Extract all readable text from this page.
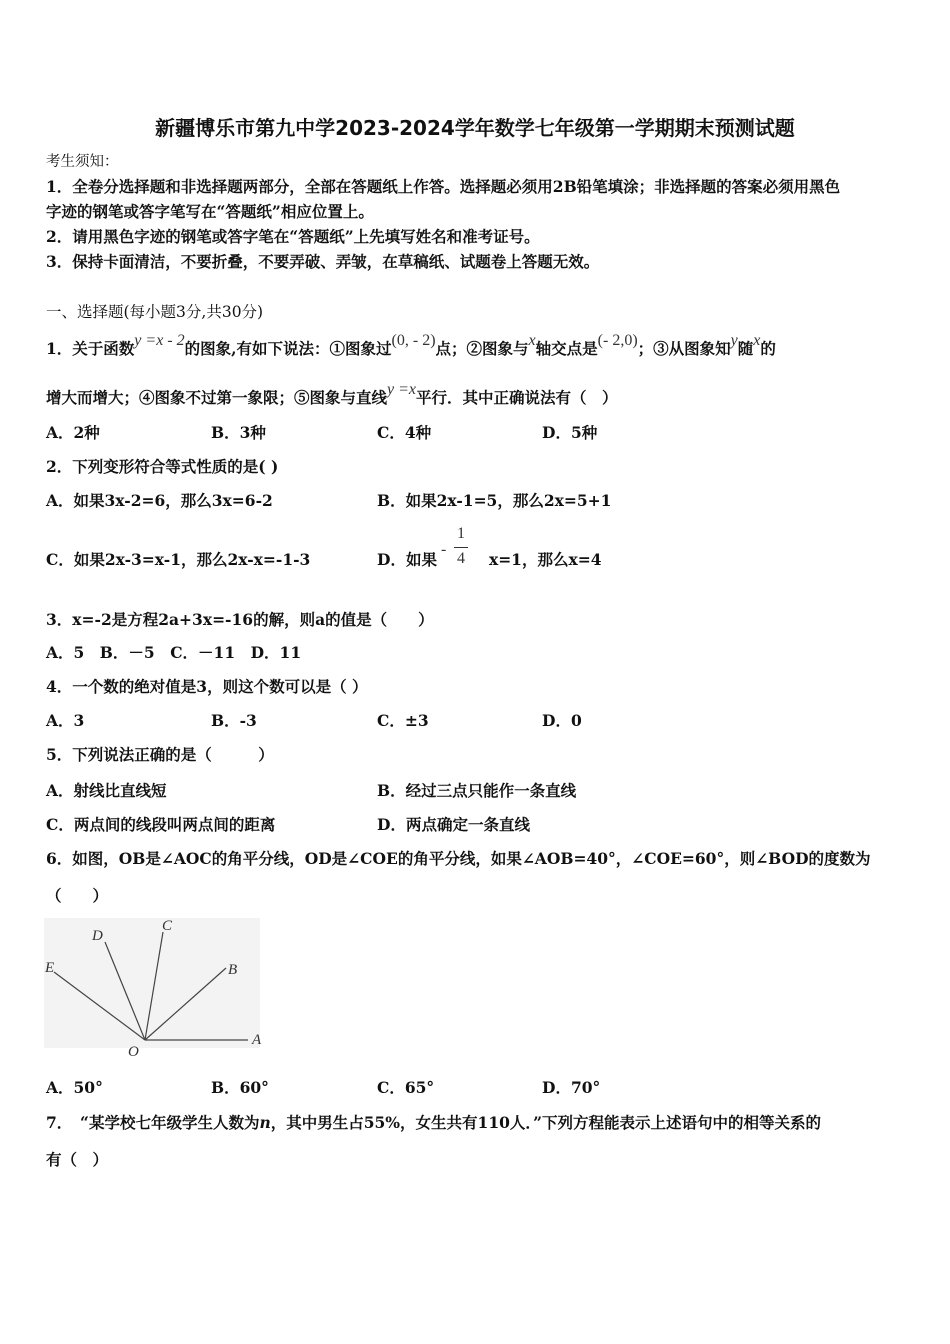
新疆博乐市第九中学2023-2024学年数学七年级第一学期期末预测试题
考生须知：
1．全卷分选择题和非选择题两部分，全部在答题纸上作答。选择题必须用2B铅笔填涂；非选择题的答案必须用黑色
字迹的钢笔或答字笔写在“答题纸”相应位置上。
2．请用黑色字迹的钢笔或答字笔在“答题纸”上先填写姓名和准考证号。
3．保持卡面清洁，不要折叠，不要弄破、弄皱，在草稿纸、试题卷上答题无效。
一、选择题(每小题3分,共30分)
1．关于函数y =x - 2的图象,有如下说法：①图象过(0, - 2)点；②图象与x轴交点是(- 2,0)；③从图象知y随x的
增大而增大；④图象不过第一象限；⑤图象与直线y =x平行．其中正确说法有（　）
A．2种	B．3种	C．4种	D．5种
2．下列变形符合等式性质的是( )
A．如果3x-2=6，那么3x=6-2	B．如果2x-1=5，那么2x=5+1
C．如果2x-3=x-1，那么2x-x=-1-3	D．如果	x=1，那么x=4
-
1
4
3．x=-2是方程2a+3x=-16的解，则a的值是（　　）
A．5　B．－5　C．－11　D．11
4．一个数的绝对值是3，则这个数可以是（ ）
A．3	B．-3	C．±3	D．0
5．下列说法正确的是（　　　）
A．射线比直线短	B．经过三点只能作一条直线
C．两点间的线段叫两点间的距离	D．两点确定一条直线
6．如图，OB是∠AOC的角平分线，OD是∠COE的角平分线，如果∠AOB=40°，∠COE=60°，则∠BOD的度数为
（　　）
E
D
C
B
A
O
A．50°	B．60°	C．65°	D．70°
7．　“某学校七年级学生人数为n，其中男生占55%，女生共有110人．”下列方程能表示上述语句中的相等关系的
有（　）
